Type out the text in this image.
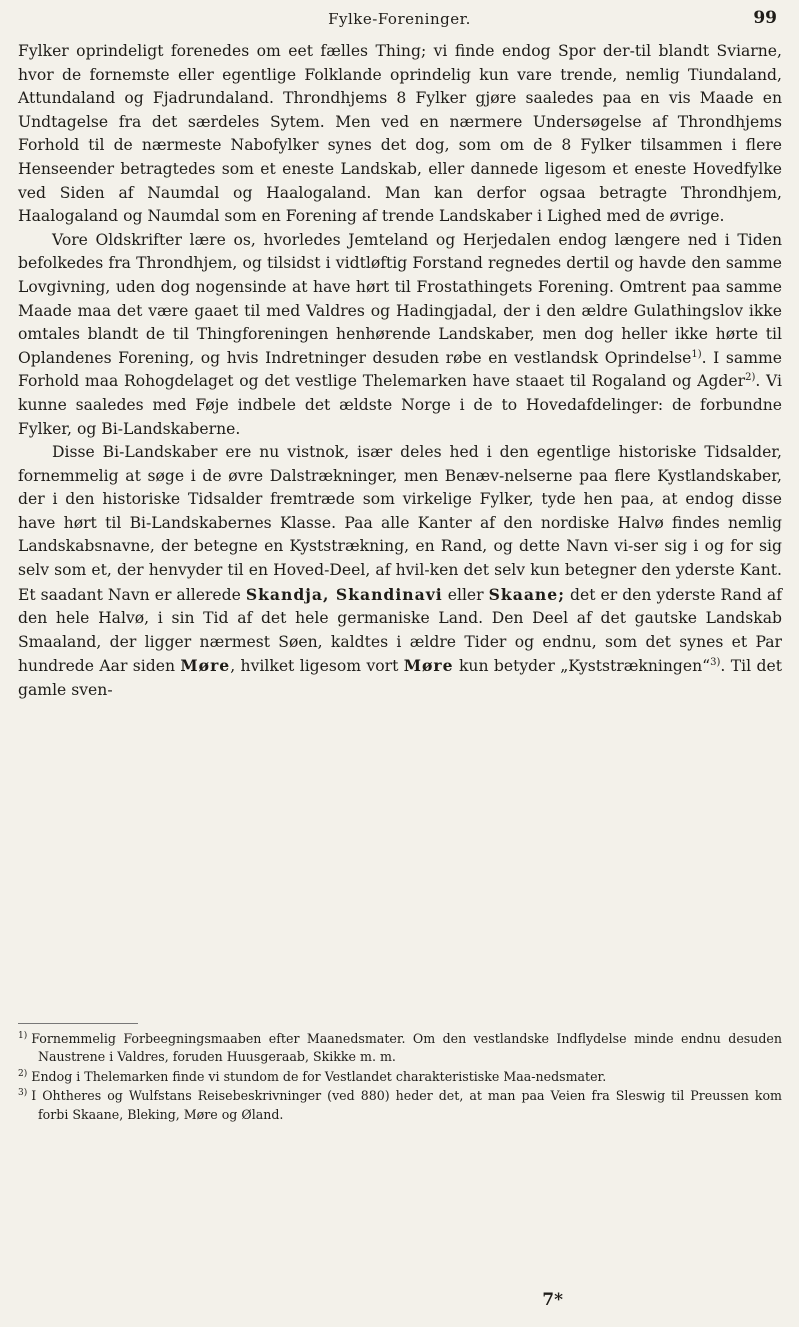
Fylke-Foreninger.	99

Fylker oprindeligt forenedes om eet fælles Thing; vi finde endog Spor der-til blandt Sviarne, hvor de fornemste eller egentlige Folklande oprindelig kun vare trende, nemlig Tiundaland, Attundaland og Fjadrundaland. Throndhjems 8 Fylker gjøre saaledes paa en vis Maade en Undtagelse fra det særdeles Sytem. Men ved en nærmere Undersøgelse af Throndhjems Forhold til de nærmeste Nabofylker synes det dog, som om de 8 Fylker tilsammen i flere Henseender betragtedes som et eneste Landskab, eller dannede ligesom et eneste Hovedfylke ved Siden af Naumdal og Haalogaland. Man kan derfor ogsaa betragte Throndhjem, Haalogaland og Naumdal som en Forening af trende Landskaber i Lighed med de øvrige.

Vore Oldskrifter lære os, hvorledes Jemteland og Herjedalen endog længere ned i Tiden befolkedes fra Throndhjem, og tilsidst i vidtløftig Forstand regnedes dertil og havde den samme Lovgivning, uden dog nogensinde at have hørt til Frostathingets Forening. Omtrent paa samme Maade maa det være gaaet til med Valdres og Hadingjadal, der i den ældre Gulathingslov ikke omtales blandt de til Thingforeningen henhørende Landskaber, men dog heller ikke hørte til Oplandenes Forening, og hvis Indretninger desuden røbe en vestlandsk Oprindelse$^{1)}$. I samme Forhold maa Rohogdelaget og det vestlige Thelemarken have staaet til Rogaland og Agder$^{2)}$. Vi kunne saaledes med Føje indbele det ældste Norge i de to Hovedafdelinger: de forbundne Fylker, og Bi-Landskaberne.

Disse Bi-Landskaber ere nu vistnok, især deles hed i den egentlige historiske Tidsalder, fornemmelig at søge i de øvre Dalstrækninger, men Benæv-nelserne paa flere Kystlandskaber, der i den historiske Tidsalder fremtræde som virkelige Fylker, tyde hen paa, at endog disse have hørt til Bi-Landskabernes Klasse. Paa alle Kanter af den nordiske Halvø findes nemlig Landskabsnavne, der betegne en Kyststrækning, en Rand, og dette Navn vi-ser sig i og for sig selv som et, der henvyder til en Hoved-Deel, af hvil-ken det selv kun betegner den yderste Kant. Et saadant Navn er allerede Skandja, Skandinavi eller Skaane; det er den yderste Rand af den hele Halvø, i sin Tid af det hele germaniske Land. Den Deel af det gautske Landskab Smaaland, der ligger nærmest Søen, kaldtes i ældre Tider og endnu, som det synes et Par hundrede Aar siden Møre, hvilket ligesom vort Møre kun betyder „Kyststrækningen“$^{3)}$. Til det gamle sven-

$^{1)}$ Fornemmelig Forbeegningsmaaben efter Maanedsmater. Om den vestlandske Indflydelse minde endnu desuden Naustrene i Valdres, foruden Huusgeraab, Skikke m. m.

$^{2)}$ Endog i Thelemarken finde vi stundom de for Vestlandet charakteristiske Maa-nedsmater.

$^{3)}$ I Ohtheres og Wulfstans Reisebeskrivninger (ved 880) heder det, at man paa Veien fra Sleswig til Preussen kom forbi Skaane, Bleking, Møre og Øland.

7*
